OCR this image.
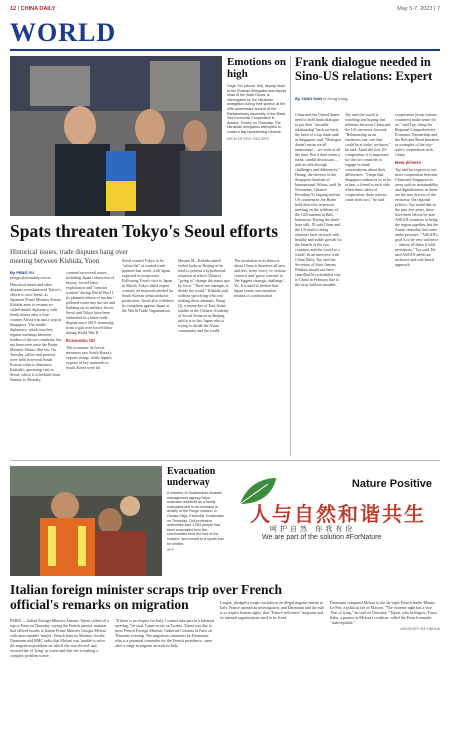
12 | CHINA DAILY	May 5-7, 2023 | 7
WORLD
Emotions on high
Gage Yun (above, left), deputy head of the Russian delegation and deputy head of the State Duma, is interrogated by the Ukrainian delegation during their speech at the 30th anniversary summit of the Parliamentary Assembly of the Black Sea Economic Cooperation in Ankara, Turkey, on Thursday. The Ukrainian delegation attempted to curtail a flag representing Ukraine.
ERCIN ERTURK / REUTERS
Frank dialogue needed in Sino-US relations: Expert
By YANG HAN in Hong Kong
China and the United States need to hold frank dialogue to put their "unstable relationship" back on track, the head of a top think tank in Singapore said. "Dialogue doesn't mean we all understand ... we work at all the time. But it does mean a frank, candid discussion ... and we talk through challenges and differences," Huang, the director of the Singapore Institute of International Affairs, said. In November, Chinese President Xi Jinping and his US counterpart Joe Biden held their first in-person meeting on the sidelines of the G20 summit in Bali, Indonesia. During the three-hour talk, Xi said China and the US need to bring relations back on track with healthy and stable growth for the benefit of the two countries and the world as a whole. In an interview with China Daily, Tay said the Secretary of State Antony Blinken should not have cancelled his scheduled visit to China in February due to the stray balloon incident.
Tay said the world is watching and hoping that relations between China and the US can move forward. "Relationship as an enormous one, one that could be at stake, we know," he said. Amid the first US competition, it is important for the two countries to engage in frank conversations about their differences. "I hope that Singapore embraces us to be, at best, a friend to each side when these offers of cooperation; these nations come from two," he said.
cooperation (from various countries) make sense for us," said Tay, citing the Regional Comprehensive Economic Partnership and the Belt and Road Initiative as examples of the city-state's cooperation with China.
New drivers
Tay said he expects to see more cooperation between China and Singapore in areas such as sustainability and digitalization, as these are the new drivers of the economy. On regional politics, Tay noted that in the past few years, there have been efforts by non-ASEAN countries to bring the region together, but the Asean centrality has come under pressure. "ASEAN's goal is to be very inclusive ... almost all these (Cold) invitations," Tay said. He said ASEAN needs an inclusive and rule-based approach.
Spats threaten Tokyo's Seoul efforts
Historical issues, trade disputes hang over meeting between Kishida, Yoon
By PENG YU
pengyu@chinadaily.com.cn
Historical issues and other disputes overshadowed Tokyo's efforts to woo Seoul, as Japanese Prime Minister Fumio Kishida aims to resume so-called shuttle diplomacy with South Korea after a four-country Africa trip and a stop in Singapore. The shuttle diplomacy, which involves regular meetings between leaders of the two countries, has not been seen since the Prime Minister Shinzo Abe era. On Tuesday, rallies and protests were held in several South Korean cities to denounce Kishida's upcoming visit to Seoul, which is scheduled from Sunday to Monday.
contend on several issues, including Japan's distortion of history, forced labor exploitation and "comfort women" during World War II, its planned release of nuclear-polluted water into the sea and building up its military forces. Seoul and Tokyo have been embroiled in a bitter trade dispute since 2019, stemming from a spat over forced labor during World War II.
Economic hit
The economic tit-for-tat measures saw South Korea's exports slump, while Japan's exports of key materials to South Korea were hit.
Seoul wanted Tokyo to fix "white list" of trusted trade partners last week, with Japan expected to reciprocate. Following Yoon's visit to Japan in March, Tokyo lifted export controls on materials needed for South Korean semiconductor production. Seoul also withdrew its complaint against Japan at the World Trade Organization.
Masaru M., Kishida aimed veiled looks at Beijing as he tried to present a hypothetical situation in which China is "going to" change the status quo by force. "There are attempts to divide the world," Kishida said, without specifying who was making these attempts. Wang Qi, a researcher of East Asian studies at the Chinese Academy of Social Sciences in Beijing, said it is in fact Japan who is trying to divide the Asian community and the world.
The escalation in its rhetoric about China is therefore all new and less, from 'worry' to 'serious concern' and 'grave concern' to 'the biggest strategic challenge', Yu. It is hard to believe that Japan wants concentration instead of confrontation.
Evacuation underway
A member of Guatemala's disaster management agency helps evacuate residents as a family evacuates due to an increase in activity of the Fuego volcano, in Ciudad Vieja, Escuintla, Guatemala, on Thursday. Civil protection authorities said 1,054 people had been evacuated from five communities near the foot of the volcano, and moved to a sports hall for shelter.
AFP
Nature Positive
人与自然和谐共生
呵护自然 你我有份
We are part of the solution #ForNature
Italian foreign minister scraps trip over French official's remarks on migration
PARIS — Italian Foreign Minister Antonio Tajani called off a trip to Paris on Thursday, saying the French interior minister had offered insults to Italian Prime Minister Giorgia Meloni with unacceptable 'insults'. French Interior Minister Gerald Darmanin told RMC radio that Meloni was 'unable to solve the migration problems on which she was elected' and accused her of 'lying' to voters and that she is making a complex problem worse.
"If there is no respect for Italy, I cannot take part in a bilateral meeting," he said. Tajani wrote on Twitter. Tajani was due to meet French Foreign Minister Catherine Colonna in Paris on Thursday evening. The migration comments by Darmanin, who is a potential contender for the French presidency, came after a surge in migrant arrivals in Italy.
League, pledged a tough crackdown on illegal migrant entries to Italy. France opened an investigation, and Darmanin said the rule is to respect human rights, that "France welcomes" migrants and its internal organizations need to be fixed.
Darmanin compared Meloni to the far-right French leader Marine Le Pen, a political foe of Macron. "The extreme right has a vice. That of lying," he said on Thursday. "Tajani, who belongs to Forza Italia, a partner in Meloni's coalition, called the French remarks "unacceptable."
AGENCIES VIA XINHUA
